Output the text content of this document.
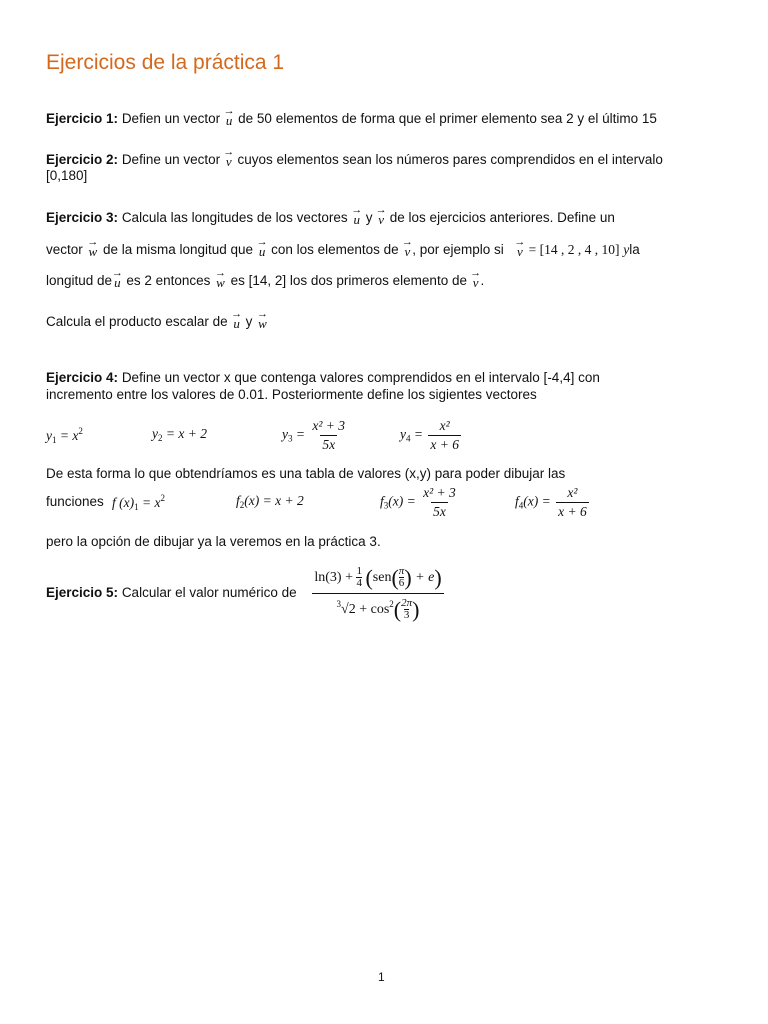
Ejercicios de la práctica 1
Ejercicio 1: Defien un vector →
u de 50 elementos de forma que el primer elemento sea 2 y el último 15
Ejercicio 2: Define un vector →
v cuyos elementos sean los números pares comprendidos en el intervalo
[0,180]
Ejercicio 3: Calcula las longitudes de los vectores →
u y →
v de los ejercicios anteriores. Define un
vector →
w de la misma longitud que →
u con los elementos de →
v , por ejemplo si →
v = [14 , 2 , 4 , 10] yla
longitud de →
u es 2 entonces →
w es [14, 2] los dos primeros elemento de →
v .
Calcula el producto escalar de →
u y →
w
Ejercicio 4: Define un vector x que contenga valores comprendidos en el intervalo [-4,4] con
incremento entre los valores de 0.01. Posteriormente define los sigientes vectores
$y_1 = x^2$	$y_2 = x + 2$	$y_3 = \frac{\text{x² + 3}}{5x}$	$y_4 = \frac{\text{x²}}{x + 6}$
De esta forma lo que obtendríamos es una tabla de valores (x,y) para poder dibujar las
funciones f $(x)_1 = x^2$	$f_2(x) = x + 2$	$f_3(x) = \frac{\text{x² + 3}}{5x}$	$f_4(x) = \frac{\text{x²}}{x + 6}$
pero la opción de dibujar ya la veremos en la práctica 3.
Ejercicio 5: Calcular el valor numérico de
$\ln(3) + \frac{1}{4} (sen( \frac{\pi}{6}$ ) + e)
$^3√2 + \cos^2( \frac{2\pi}{3}$ )
1
